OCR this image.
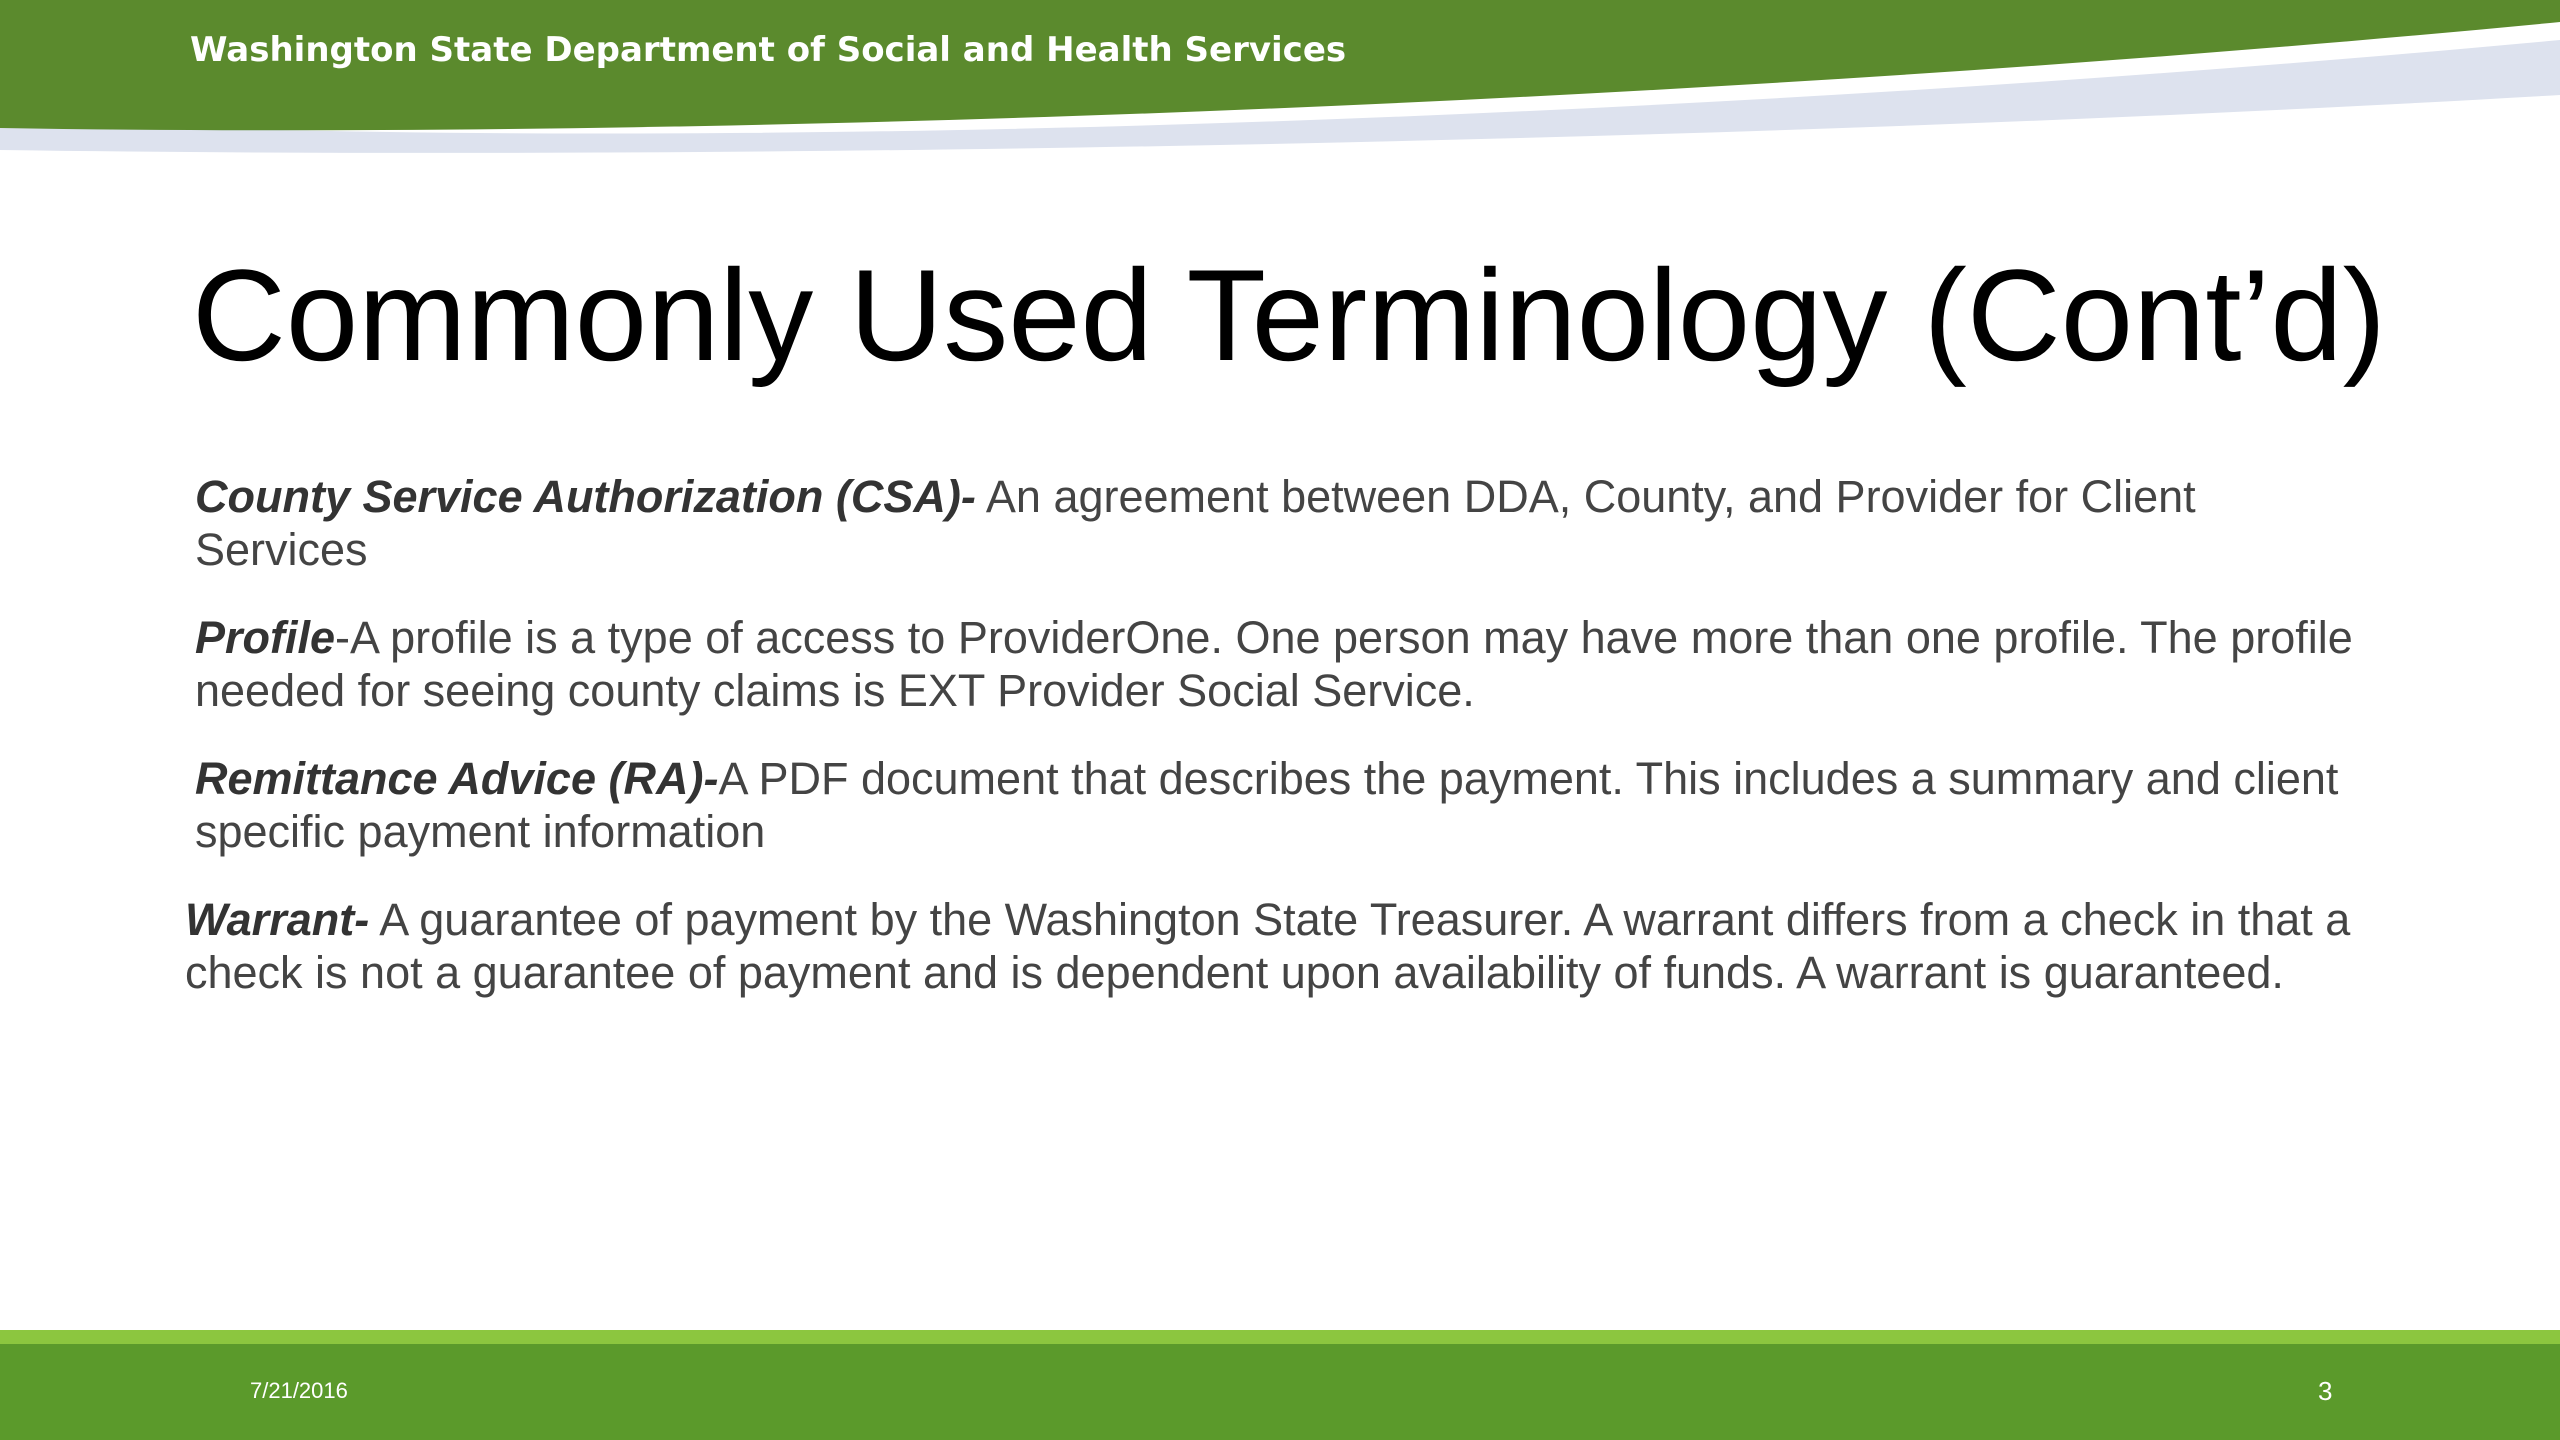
Washington State Department of Social and Health Services
Commonly Used Terminology (Cont’d)
County Service Authorization (CSA)- An agreement between DDA, County, and Provider for Client Services
Profile-A profile is a type of access to ProviderOne. One person may have more than one profile. The profile needed for seeing county claims is EXT Provider Social Service.
Remittance Advice (RA)-A PDF document that describes the payment. This includes a summary and client specific payment information
Warrant- A guarantee of payment by the Washington State Treasurer. A warrant differs from a check in that a check is not a guarantee of payment and is dependent upon availability of funds. A warrant is guaranteed.
7/21/2016	3
